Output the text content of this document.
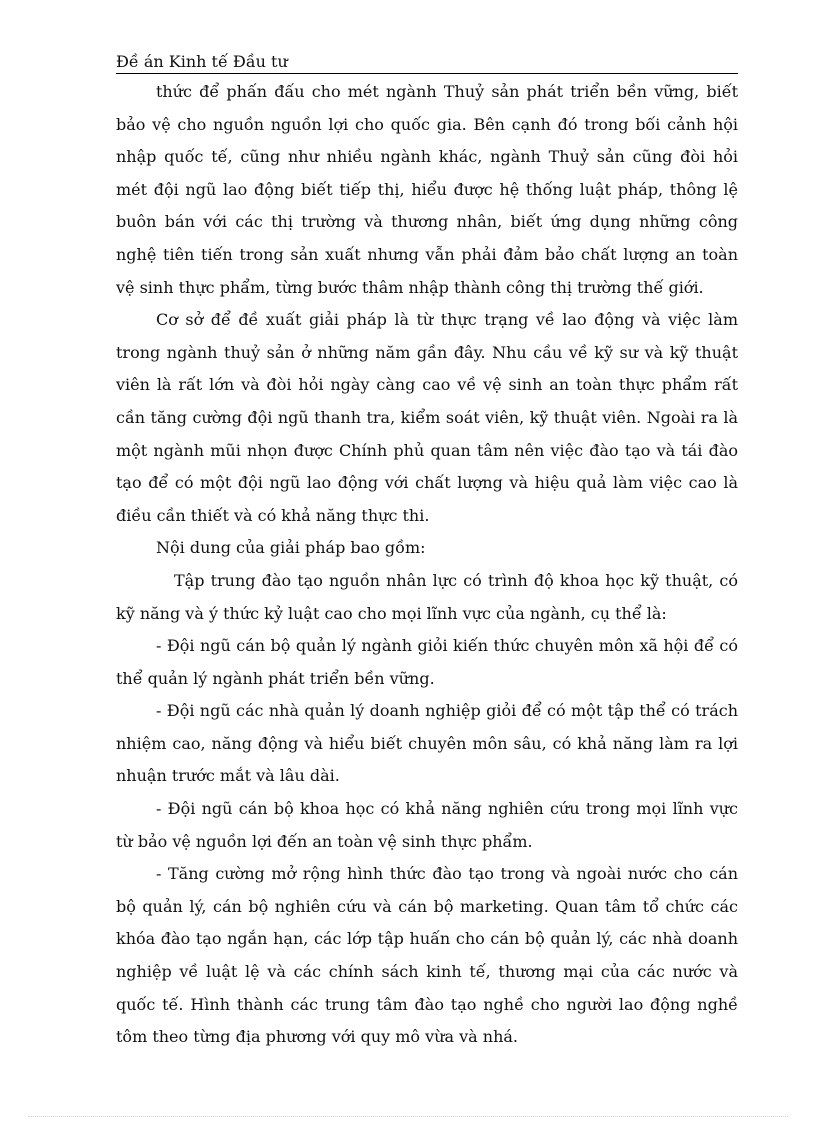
Đề án Kinh tế Đầu tư

thức để phấn đấu cho mét ngành Thuỷ sản phát triển bền vững, biết bảo vệ cho nguồn nguồn lợi cho quốc gia. Bên cạnh đó trong bối cảnh hội nhập quốc tế, cũng như nhiều ngành khác, ngành Thuỷ sản cũng đòi hỏi mét đội ngũ lao động biết tiếp thị, hiểu được hệ thống luật pháp, thông lệ buôn bán với các thị trường và thương nhân, biết ứng dụng những công nghệ tiên tiến trong sản xuất nhưng vẫn phải đảm bảo chất lượng an toàn vệ sinh thực phẩm, từng bước thâm nhập thành công thị trường thế giới.

Cơ sở để đề xuất giải pháp là từ thực trạng về lao động và việc làm trong ngành thuỷ sản ở những năm gần đây. Nhu cầu về kỹ sư và kỹ thuật viên là rất lớn và đòi hỏi ngày càng cao về vệ sinh an toàn thực phẩm rất cần tăng cường đội ngũ thanh tra, kiểm soát viên, kỹ thuật viên. Ngoài ra là một ngành mũi nhọn được Chính phủ quan tâm nên việc đào tạo và tái đào tạo để có một đội ngũ lao động với chất lượng và hiệu quả làm việc cao là điều cần thiết và có khả năng thực thi.

Nội dung của giải pháp bao gồm:

Tập trung đào tạo nguồn nhân lực có trình độ khoa học kỹ thuật, có kỹ năng và ý thức kỷ luật cao cho mọi lĩnh vực của ngành, cụ thể là:

- Đội ngũ cán bộ quản lý ngành giỏi kiến thức chuyên môn xã hội để có thể quản lý ngành phát triển bền vững.

- Đội ngũ các nhà quản lý doanh nghiệp giỏi để có một tập thể có trách nhiệm cao, năng động và hiểu biết chuyên môn sâu, có khả năng làm ra lợi nhuận trước mắt và lâu dài.

- Đội ngũ cán bộ khoa học có khả năng nghiên cứu trong mọi lĩnh vực từ bảo vệ nguồn lợi đến an toàn vệ sinh thực phẩm.

- Tăng cường mở rộng hình thức đào tạo trong và ngoài nước cho cán bộ quản lý, cán bộ nghiên cứu và cán bộ marketing. Quan tâm tổ chức các khóa đào tạo ngắn hạn, các lớp tập huấn cho cán bộ quản lý, các nhà doanh nghiệp về luật lệ và các chính sách kinh tế, thương mại của các nước và quốc tế. Hình thành các trung tâm đào tạo nghề cho người lao động nghề tôm theo từng địa phương với quy mô vừa và nhá.
